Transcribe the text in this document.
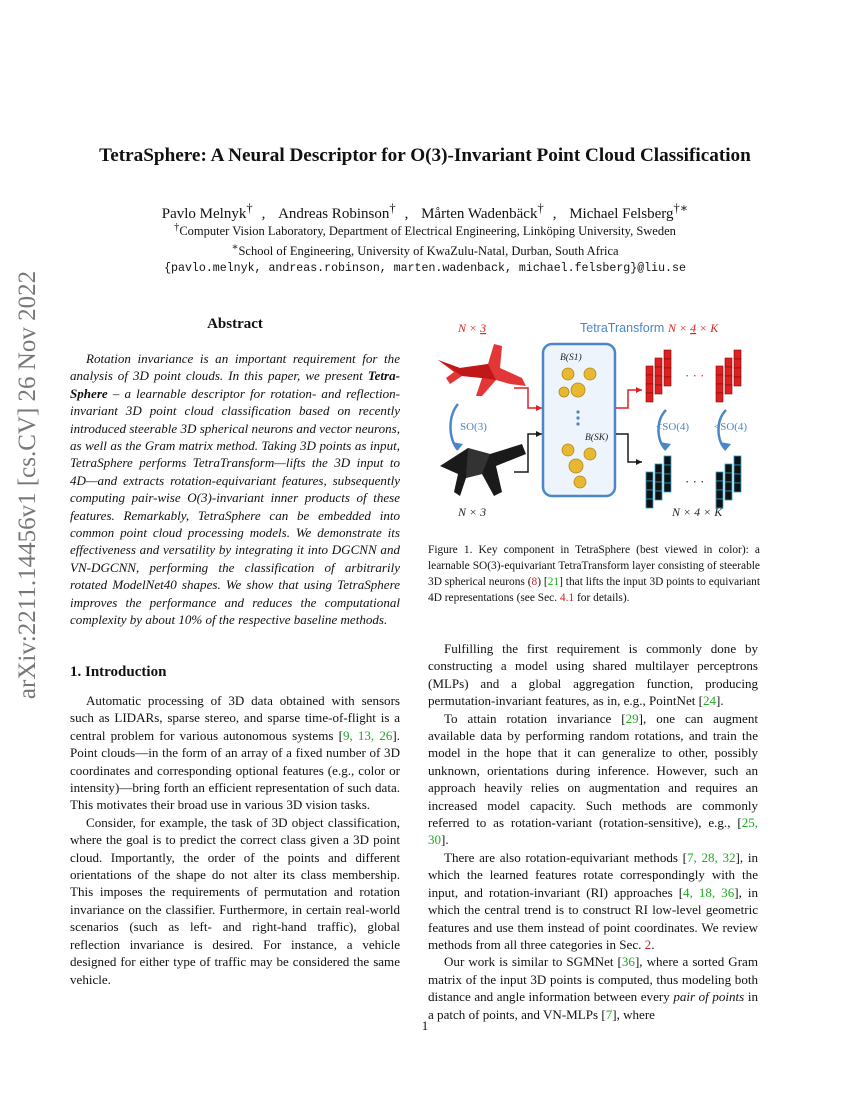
TetraSphere: A Neural Descriptor for O(3)-Invariant Point Cloud Classification
Pavlo Melnyk† , Andreas Robinson† , Mårten Wadenbäck† , Michael Felsberg†∗
†Computer Vision Laboratory, Department of Electrical Engineering, Linköping University, Sweden
∗School of Engineering, University of KwaZulu-Natal, Durban, South Africa
{pavlo.melnyk, andreas.robinson, marten.wadenback, michael.felsberg}@liu.se
arXiv:2211.14456v1 [cs.CV] 26 Nov 2022	Abstract

Rotation invariance is an important requirement for the analysis of 3D point clouds. In this paper, we present Tetra-Sphere – a learnable descriptor for rotation- and reflection-invariant 3D point cloud classification based on recently introduced steerable 3D spherical neurons and vector neurons, as well as the Gram matrix method. Taking 3D points as input, TetraSphere performs TetraTransform—lifts the 3D input to 4D—and extracts rotation-equivariant features, subsequently computing pair-wise O(3)-invariant inner products of these features. Remarkably, TetraSphere can be embedded into common point cloud processing models. We demonstrate its effectiveness and versatility by integrating it into DGCNN and VN-DGCNN, performing the classification of arbitrarily rotated ModelNet40 shapes. We show that using TetraSphere improves the performance and reduces the computational complexity by about 10% of the respective baseline methods.

1. Introduction

Automatic processing of 3D data obtained with sensors such as LIDARs, sparse stereo, and sparse time-of-flight is a central problem for various autonomous systems [9, 13, 26]. Point clouds—in the form of an array of a fixed number of 3D coordinates and corresponding optional features (e.g., color or intensity)—bring forth an efficient representation of such data. This motivates their broad use in various 3D vision tasks.

Consider, for example, the task of 3D object classification, where the goal is to predict the correct class given a 3D point cloud. Importantly, the order of the points and different orientations of the shape do not alter its class membership. This imposes the requirements of permutation and rotation invariance on the classifier. Furthermore, in certain real-world scenarios (such as left- and right-hand traffic), global reflection invariance is desired. For instance, a vehicle designed for either type of traffic may be considered the same vehicle.

N × 3
SO(3)
N × 3
TetraTransform
B(S1)
B(SK)
N × 4 × K
· · ·
<SO(4) <SO(4)
· · ·
N × 4 × K
Figure 1. Key component in TetraSphere (best viewed in color): a learnable SO(3)-equivariant TetraTransform layer consisting of steerable 3D spherical neurons (8) [21] that lifts the input 3D points to equivariant 4D representations (see Sec. 4.1 for details).

Fulfilling the first requirement is commonly done by constructing a model using shared multilayer perceptrons (MLPs) and a global aggregation function, producing permutation-invariant features, as in, e.g., PointNet [24].

To attain rotation invariance [29], one can augment available data by performing random rotations, and train the model in the hope that it can generalize to other, possibly unknown, orientations during inference. However, such an approach heavily relies on augmentation and requires an increased model capacity. Such methods are commonly referred to as rotation-variant (rotation-sensitive), e.g., [25, 30].

There are also rotation-equivariant methods [7, 28, 32], in which the learned features rotate correspondingly with the input, and rotation-invariant (RI) approaches [4, 18, 36], in which the central trend is to construct RI low-level geometric features and use them instead of point coordinates. We review methods from all three categories in Sec. 2.

Our work is similar to SGMNet [36], where a sorted Gram matrix of the input 3D points is computed, thus modeling both distance and angle information between every pair of points in a patch of points, and VN-MLPs [7], where

1
